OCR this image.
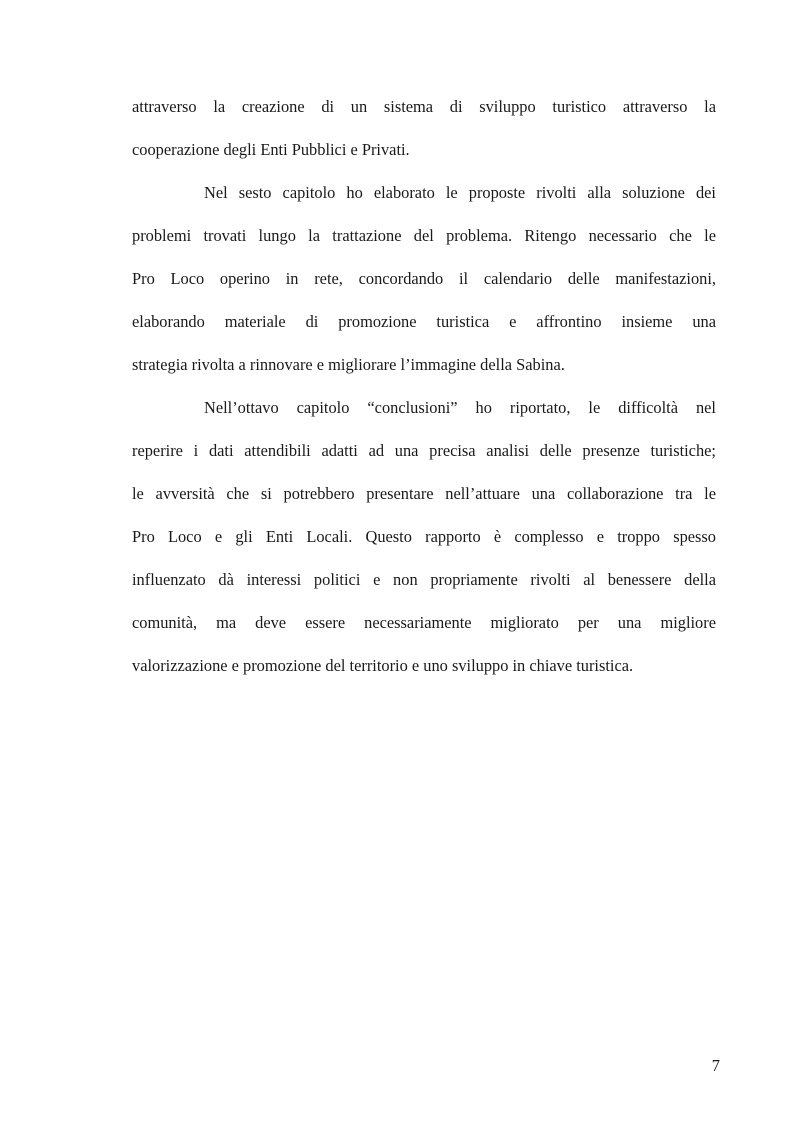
attraverso la creazione di un sistema di sviluppo turistico attraverso la
cooperazione degli Enti Pubblici e Privati.
Nel sesto capitolo ho elaborato le proposte rivolti alla soluzione dei
problemi trovati lungo la trattazione del problema. Ritengo necessario che le
Pro Loco operino in rete, concordando il calendario delle manifestazioni,
elaborando materiale di promozione turistica e affrontino insieme una
strategia rivolta a rinnovare e migliorare l’immagine della Sabina.
Nell’ottavo capitolo “conclusioni” ho riportato, le difficoltà nel
reperire i dati attendibili adatti ad una precisa analisi delle presenze turistiche;
le avversità che si potrebbero presentare nell’attuare una collaborazione tra le
Pro Loco e gli Enti Locali. Questo rapporto è complesso e troppo spesso
influenzato dà interessi politici e non propriamente rivolti al benessere della
comunità, ma deve essere necessariamente migliorato per una migliore
valorizzazione e promozione del territorio e uno sviluppo in chiave turistica.
7
